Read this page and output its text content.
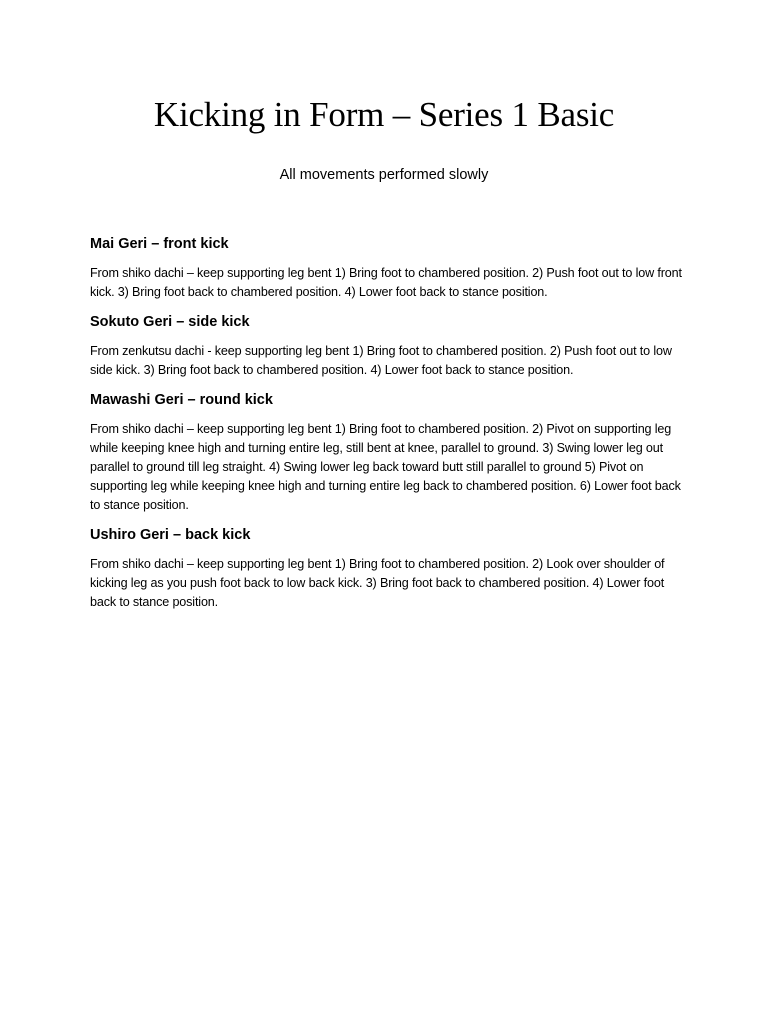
Kicking in Form – Series 1 Basic

All movements performed slowly

Mai Geri – front kick

From shiko dachi – keep supporting leg bent 1) Bring foot to chambered position. 2) Push foot out to low front kick. 3) Bring foot back to chambered position. 4) Lower foot back to stance position.

Sokuto Geri – side kick

From zenkutsu dachi - keep supporting leg bent 1) Bring foot to chambered position. 2) Push foot out to low side kick. 3) Bring foot back to chambered position. 4) Lower foot back to stance position.

Mawashi Geri – round kick

From shiko dachi – keep supporting leg bent 1) Bring foot to chambered position. 2) Pivot on supporting leg while keeping knee high and turning entire leg, still bent at knee, parallel to ground. 3) Swing lower leg out parallel to ground till leg straight. 4) Swing lower leg back toward butt still parallel to ground 5) Pivot on supporting leg while keeping knee high and turning entire leg back to chambered position. 6) Lower foot back to stance position.

Ushiro Geri – back kick

From shiko dachi – keep supporting leg bent 1) Bring foot to chambered position. 2) Look over shoulder of kicking leg as you push foot back to low back kick. 3) Bring foot back to chambered position. 4) Lower foot back to stance position.
